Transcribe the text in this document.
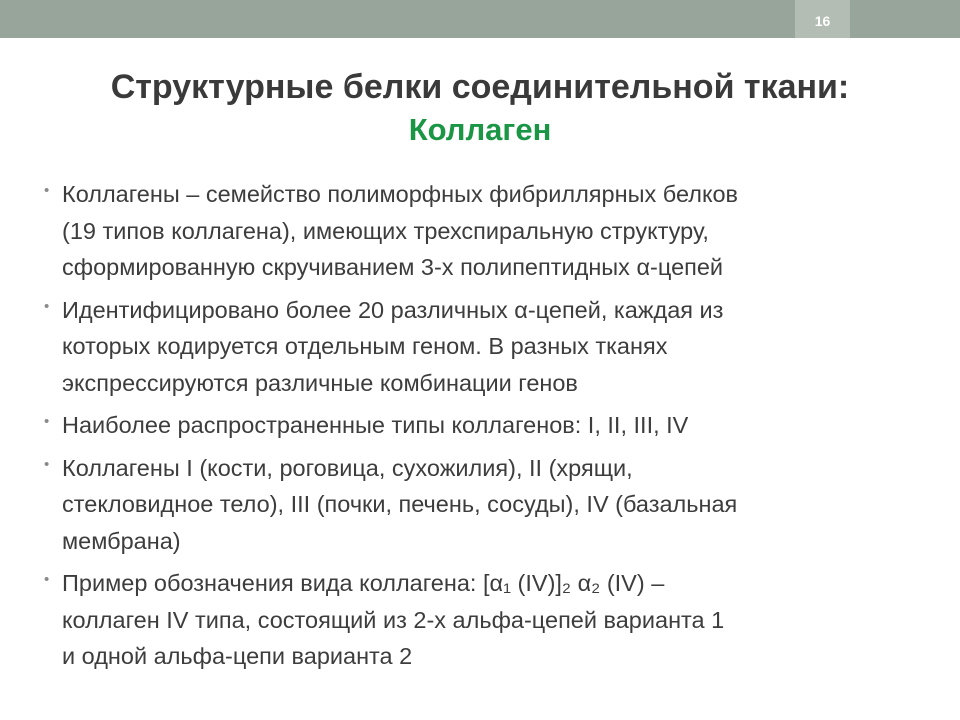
16
Структурные белки соединительной ткани:
Коллаген
• Коллагены – семейство полиморфных фибриллярных белков
(19 типов коллагена), имеющих трехспиральную структуру,
сформированную скручиванием 3-х полипептидных α-цепей
• Идентифицировано более 20 различных α-цепей, каждая из
которых кодируется отдельным геном. В разных тканях
экспрессируются различные комбинации генов
• Наиболее распространенные типы коллагенов: I, II, III, IV
• Коллагены I (кости, роговица, сухожилия), II (хрящи,
стекловидное тело), III (почки, печень, сосуды), IV (базальная
мембрана)
• Пример обозначения вида коллагена: [α₁ (IV)]₂ α₂ (IV) –
коллаген IV типа, состоящий из 2-х альфа-цепей варианта 1
и одной альфа-цепи варианта 2
